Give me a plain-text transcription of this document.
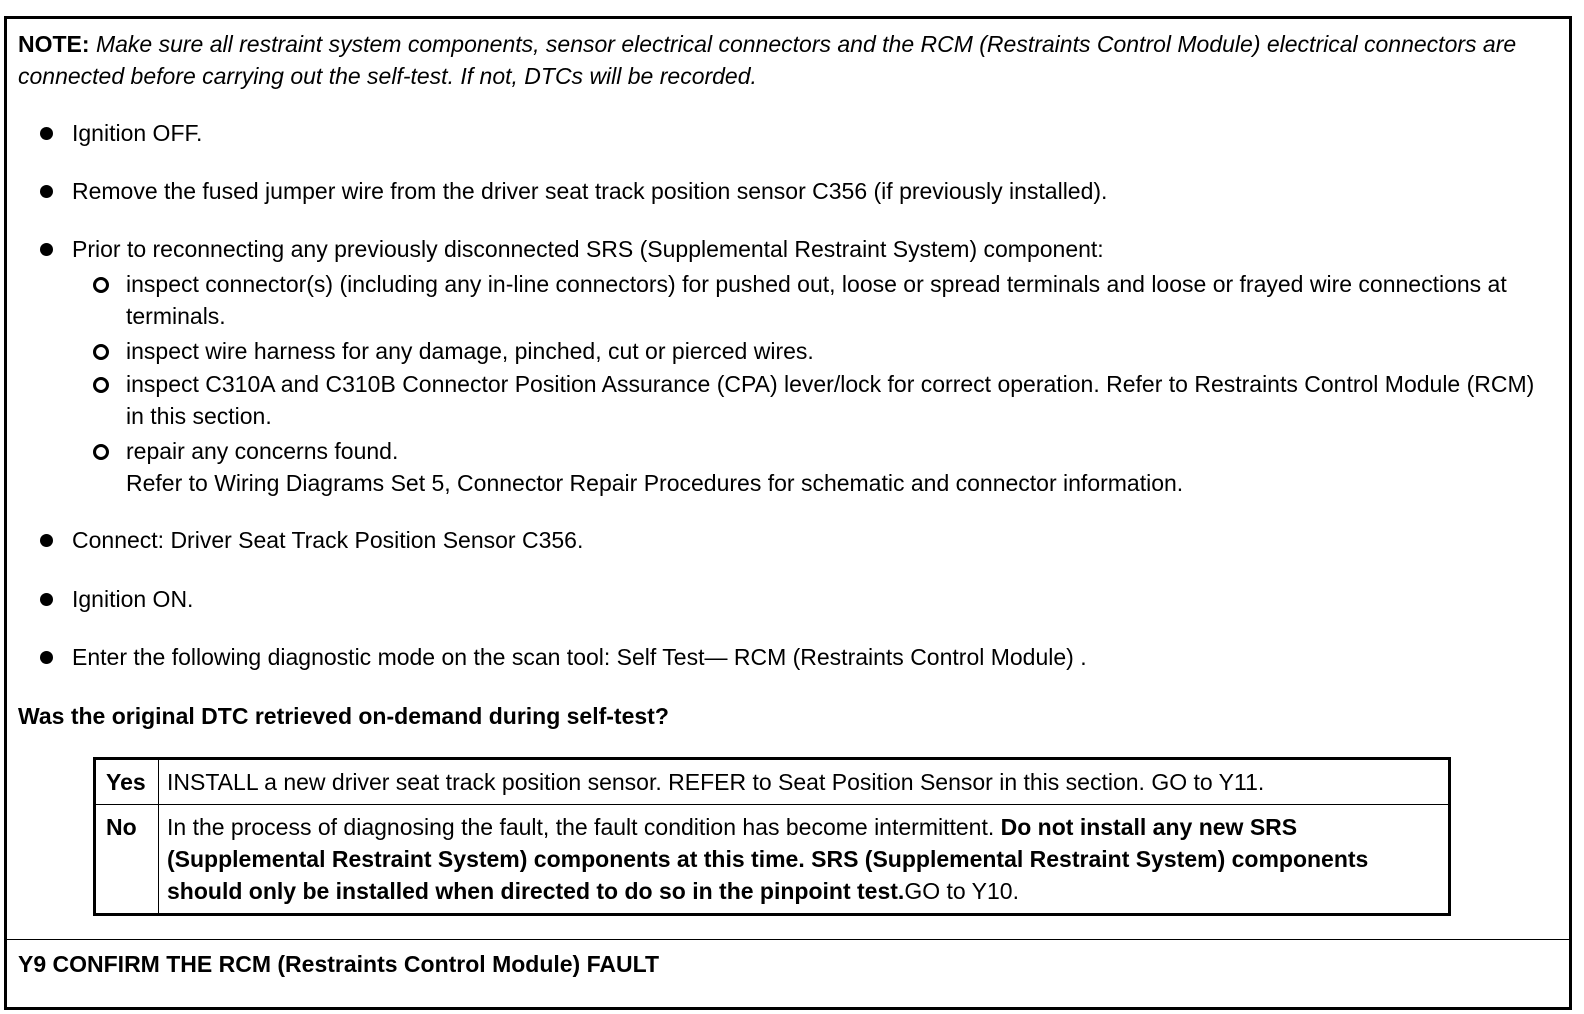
NOTE: Make sure all restraint system components, sensor electrical connectors and the RCM (Restraints Control Module) electrical connectors are connected before carrying out the self-test. If not, DTCs will be recorded.
Ignition OFF.
Remove the fused jumper wire from the driver seat track position sensor C356 (if previously installed).
Prior to reconnecting any previously disconnected SRS (Supplemental Restraint System) component:
inspect connector(s) (including any in-line connectors) for pushed out, loose or spread terminals and loose or frayed wire connections at terminals.
inspect wire harness for any damage, pinched, cut or pierced wires.
inspect C310A and C310B Connector Position Assurance (CPA) lever/lock for correct operation. Refer to Restraints Control Module (RCM) in this section.
repair any concerns found.
Refer to Wiring Diagrams Set 5, Connector Repair Procedures for schematic and connector information.
Connect: Driver Seat Track Position Sensor C356.
Ignition ON.
Enter the following diagnostic mode on the scan tool: Self Test— RCM (Restraints Control Module) .
Was the original DTC retrieved on-demand during self-test?
Yes	INSTALL a new driver seat track position sensor. REFER to Seat Position Sensor in this section. GO to Y11.
No	In the process of diagnosing the fault, the fault condition has become intermittent. Do not install any new SRS (Supplemental Restraint System) components at this time. SRS (Supplemental Restraint System) components should only be installed when directed to do so in the pinpoint test.GO to Y10.
Y9 CONFIRM THE RCM (Restraints Control Module) FAULT
